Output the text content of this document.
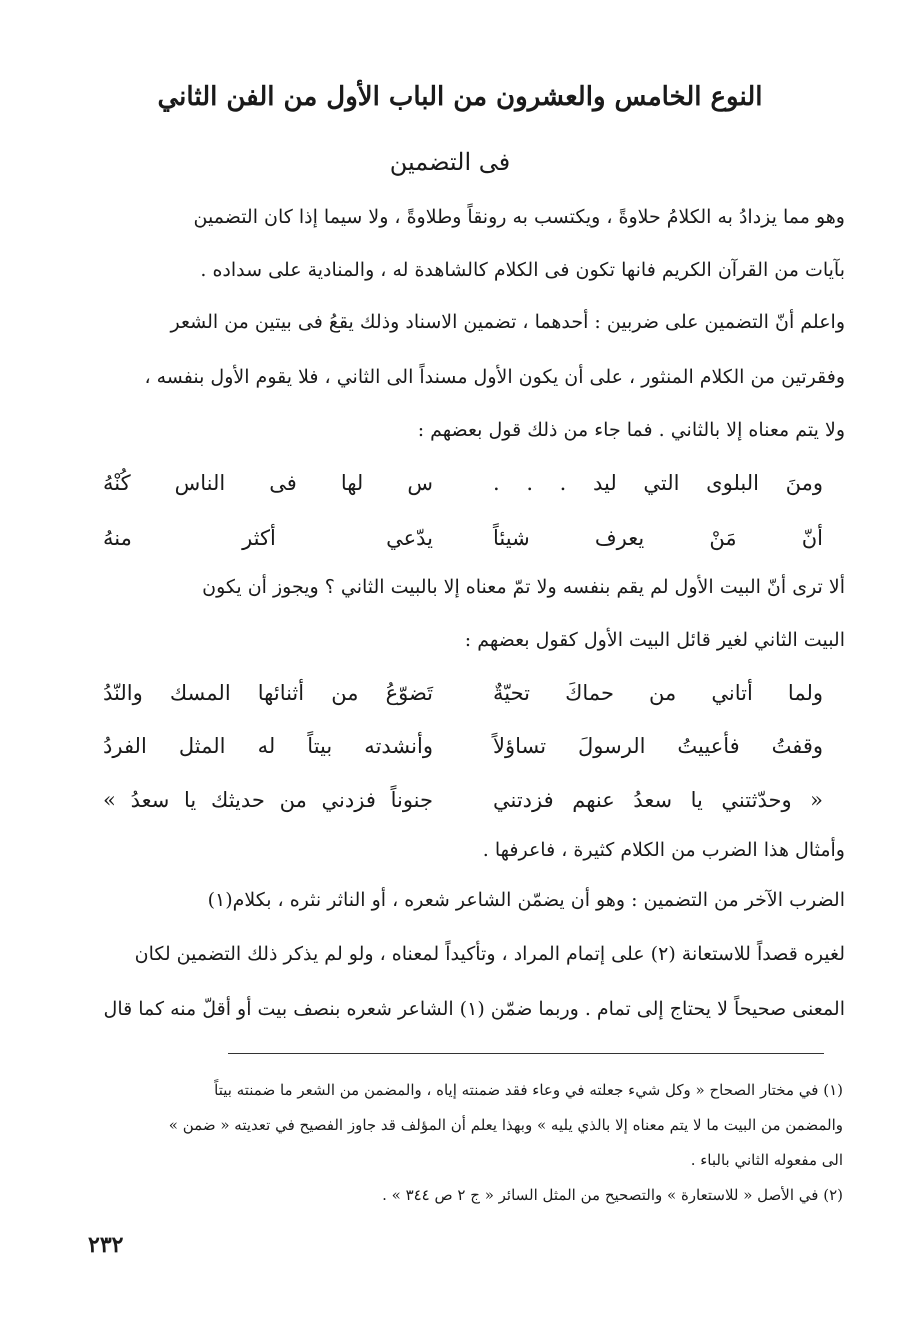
النوع الخامس والعشرون من الباب الأول من الفن الثاني
فى التضمين
وهو مما يزدادُ به الكلامُ حلاوةً ، ويكتسب به رونقاً وطلاوةً ، ولا سيما إذا كان التضمين
بآيات من القرآن الكريم فانها تكون فى الكلام كالشاهدة له ، والمنادية على سداده .
واعلم أنّ التضمين على ضربين : أحدهما ، تضمين الاسناد وذلك يقعُ فى بيتين من الشعر
وفقرتين من الكلام المنثور ، على أن يكون الأول مسنداً الى الثاني ، فلا يقوم الأول بنفسه ،
ولا يتم معناه إلا بالثاني . فما جاء من ذلك قول بعضهم :
ومنَ البلوى التي ليد . . .
س لها فى الناس كُنْهُ
أنّ مَنْ يعرف شيئاً
يدّعي أكثر منهُ
ألا ترى أنّ البيت الأول لم يقم بنفسه ولا تمّ معناه إلا بالبيت الثاني ؟ ويجوز أن يكون
البيت الثاني لغير قائل البيت الأول كقول بعضهم :
ولما أتاني من حماكَ تحيّةٌ
تَضوّعُ من أثنائها المسك والنّدُ
وقفتُ فأعييتُ الرسولَ تساؤلاً
وأنشدته بيتاً له المثل الفردُ
« وحدّثتني يا سعدُ عنهم فزدتني
جنوناً فزدني من حديثك يا سعدُ »
وأمثال هذا الضرب من الكلام كثيرة ، فاعرفها .
الضرب الآخر من التضمين : وهو أن يضمّن الشاعر شعره ، أو الناثر نثره ، بكلام(١)
لغيره قصداً للاستعانة (٢) على إتمام المراد ، وتأكيداً لمعناه ، ولو لم يذكر ذلك التضمين لكان
المعنى صحيحاً لا يحتاج إلى تمام . وربما ضمّن (١) الشاعر شعره بنصف بيت أو أقلّ منه كما قال
(١) في مختار الصحاح « وكل شيء جعلته في وعاء فقد ضمنته إياه ، والمضمن من الشعر ما ضمنته بيتاً
والمضمن من البيت ما لا يتم معناه إلا بالذي يليه » وبهذا يعلم أن المؤلف قد جاوز الفصيح في تعديته « ضمن »
الى مفعوله الثاني بالباء .
(٢) في الأصل « للاستعارة » والتصحيح من المثل السائر « ج ٢ ص ٣٤٤ » .
٢٣٢
